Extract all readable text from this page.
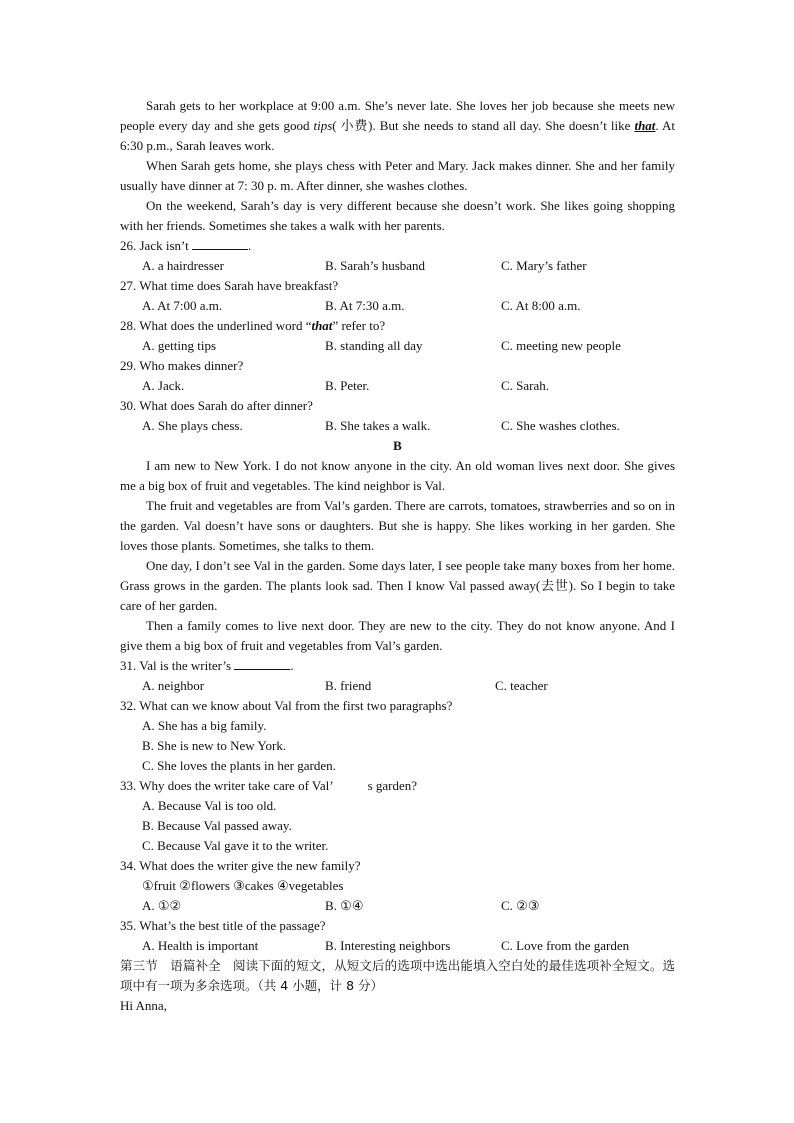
Sarah gets to her workplace at 9:00 a.m. She’s never late. She loves her job because she meets new people every day and she gets good tips( 小费). But she needs to stand all day. She doesn’t like that. At 6:30 p.m., Sarah leaves work.

When Sarah gets home, she plays chess with Peter and Mary. Jack makes dinner. She and her family usually have dinner at 7: 30 p. m. After dinner, she washes clothes.

On the weekend, Sarah’s day is very different because she doesn’t work. She likes going shopping with her friends. Sometimes she takes a walk with her parents.

26. Jack isn’t	.

A. a hairdresser	B. Sarah’s husband	C. Mary’s father

27. What time does Sarah have breakfast?

A. At 7:00 a.m.	B. At 7:30 a.m.	C. At 8:00 a.m.

28. What does the underlined word “that” refer to?

A. getting tips	B. standing all day	C. meeting new people

29. Who makes dinner?

A. Jack.	B. Peter.	C. Sarah.

30. What does Sarah do after dinner?

A. She plays chess.	B. She takes a walk.	C. She washes clothes.

B

I am new to New York. I do not know anyone in the city. An old woman lives next door. She gives me a big box of fruit and vegetables. The kind neighbor is Val.

The fruit and vegetables are from Val’s garden. There are carrots, tomatoes, strawberries and so on in the garden. Val doesn’t have sons or daughters. But she is happy. She likes working in her garden. She loves those plants. Sometimes, she talks to them.

One day, I don’t see Val in the garden. Some days later, I see people take many boxes from her home. Grass grows in the garden. The plants look sad. Then I know Val passed away(去世). So I begin to take care of her garden.

Then a family comes to live next door. They are new to the city. They do not know anyone. And I give them a big box of fruit and vegetables from Val’s garden.

31. Val is the writer’s	.

A. neighbor	B. friend	C. teacher

32. What can we know about Val from the first two paragraphs?

A. She has a big family.

B. She is new to New York.

C. She loves the plants in her garden.

33. Why does the writer take care of Val’	s garden?

A. Because Val is too old.

B. Because Val passed away.

C. Because Val gave it to the writer.

34. What does the writer give the new family?

①fruit ②flowers ③cakes ④vegetables

A. ①②	B. ①④	C. ②③

35. What’s the best title of the passage?

A. Health is important	B. Interesting neighbors	C. Love from the garden

第三节 语篇补全 阅读下面的短文，从短文后的选项中选出能填入空白处的最佳选项补全短文。选项中有一项为多余选项。（共 4 小题，计 8 分）

Hi Anna,
